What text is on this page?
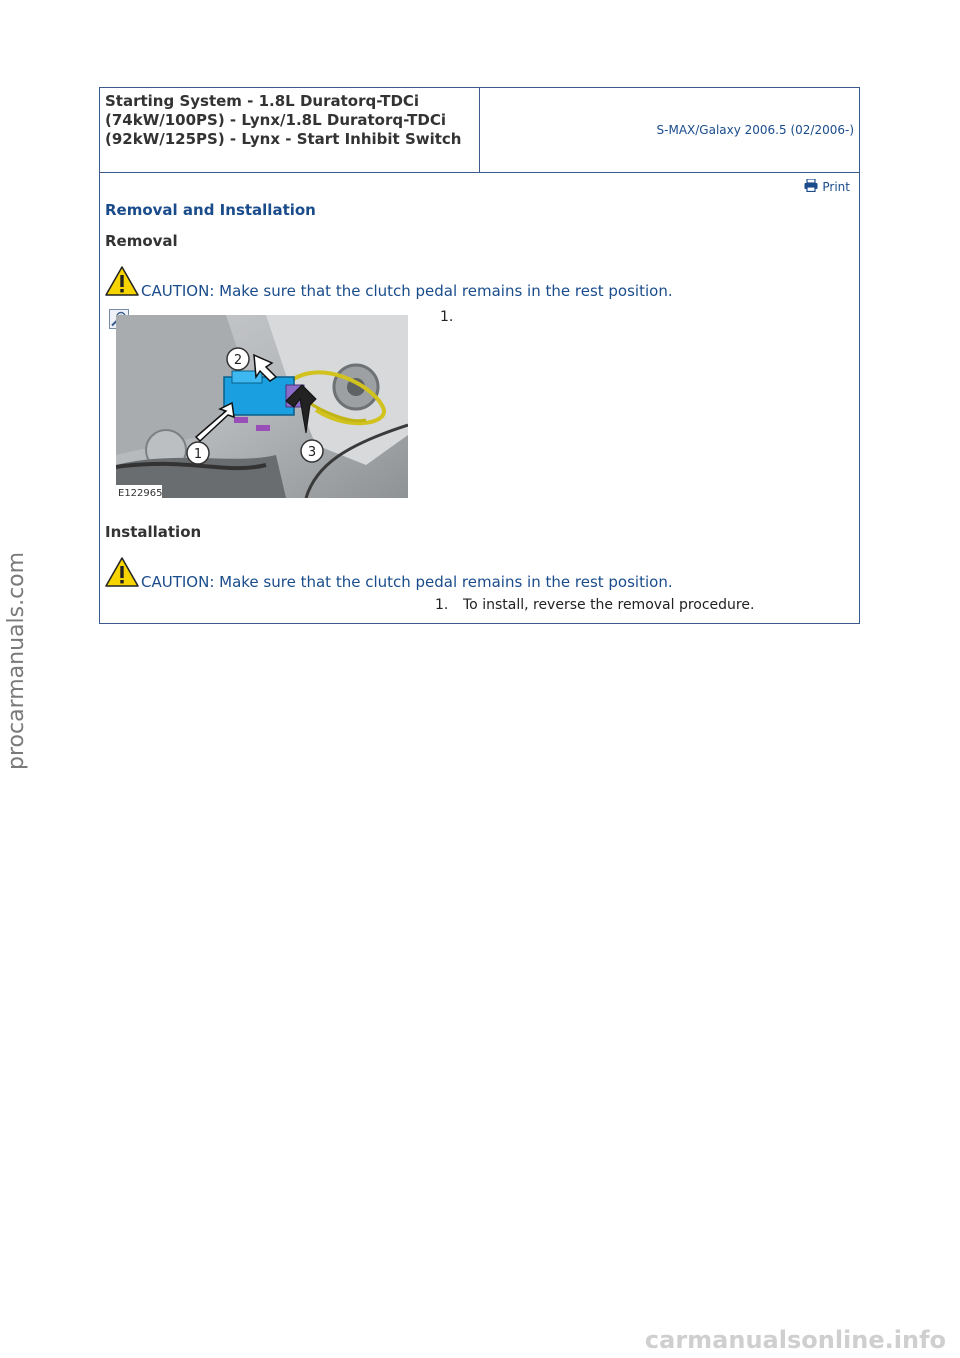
Starting System - 1.8L Duratorq-TDCi (74kW/100PS) - Lynx/1.8L Duratorq-TDCi (92kW/125PS) - Lynx - Start Inhibit Switch	S-MAX/Galaxy 2006.5 (02/2006-)
Print
Removal and Installation
Removal
CAUTION: Make sure that the clutch pedal remains in the rest position.
2
1	3
E122965
1.
Installation
CAUTION: Make sure that the clutch pedal remains in the rest position.
1.	To install, reverse the removal procedure.
procarmanuals.com
carmanualsonline.info
